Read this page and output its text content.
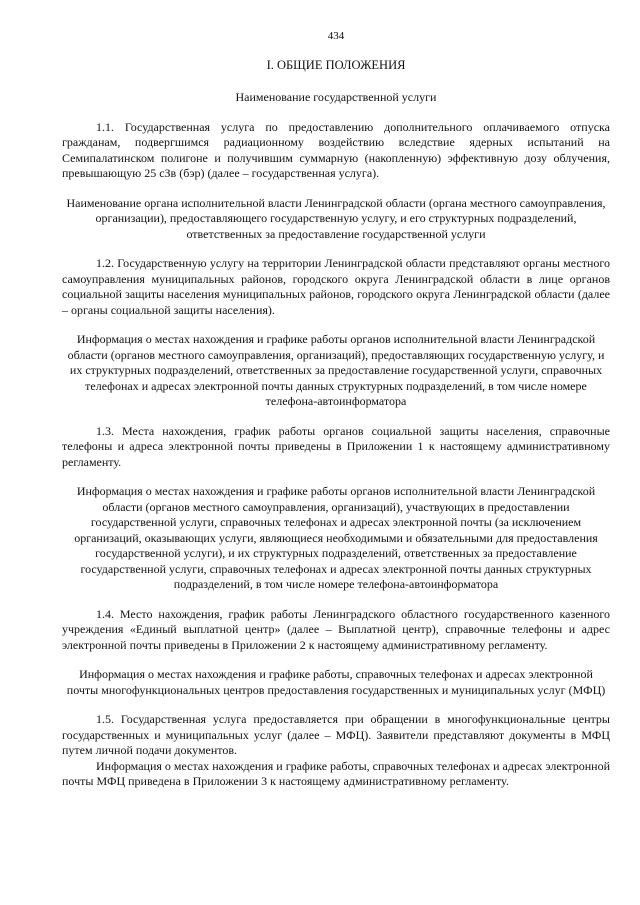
434
I. ОБЩИЕ ПОЛОЖЕНИЯ
Наименование государственной услуги
1.1. Государственная услуга по предоставлению дополнительного оплачиваемого отпуска гражданам, подвергшимся радиационному воздействию вследствие ядерных испытаний на Семипалатинском полигоне и получившим суммарную (накопленную) эффективную дозу облучения, превышающую 25 сЗв (бэр) (далее – государственная услуга).
Наименование органа исполнительной власти Ленинградской области (органа местного самоуправления, организации), предоставляющего государственную услугу, и его структурных подразделений, ответственных за предоставление государственной услуги
1.2. Государственную услугу на территории Ленинградской области представляют органы местного самоуправления муниципальных районов, городского округа Ленинградской области в лице органов социальной защиты населения муниципальных районов, городского округа Ленинградской области (далее – органы социальной защиты населения).
Информация о местах нахождения и графике работы органов исполнительной власти Ленинградской области (органов местного самоуправления, организаций), предоставляющих государственную услугу, и их структурных подразделений, ответственных за предоставление государственной услуги, справочных телефонах и адресах электронной почты данных структурных подразделений, в том числе номере телефона-автоинформатора
1.3. Места нахождения, график работы органов социальной защиты населения, справочные телефоны и адреса электронной почты приведены в Приложении 1 к настоящему административному регламенту.
Информация о местах нахождения и графике работы органов исполнительной власти Ленинградской области (органов местного самоуправления, организаций), участвующих в предоставлении государственной услуги, справочных телефонах и адресах электронной почты (за исключением организаций, оказывающих услуги, являющиеся необходимыми и обязательными для предоставления государственной услуги), и их структурных подразделений, ответственных за предоставление государственной услуги, справочных телефонах и адресах электронной почты данных структурных подразделений, в том числе номере телефона-автоинформатора
1.4. Место нахождения, график работы Ленинградского областного государственного казенного учреждения «Единый выплатной центр» (далее – Выплатной центр), справочные телефоны и адрес электронной почты приведены в Приложении 2 к настоящему административному регламенту.
Информация о местах нахождения и графике работы, справочных телефонах и адресах электронной почты многофункциональных центров предоставления государственных и муниципальных услуг (МФЦ)
1.5. Государственная услуга предоставляется при обращении в многофункциональные центры государственных и муниципальных услуг (далее – МФЦ). Заявители представляют документы в МФЦ путем личной подачи документов.
Информация о местах нахождения и графике работы, справочных телефонах и адресах электронной почты МФЦ приведена в Приложении 3 к настоящему административному регламенту.
